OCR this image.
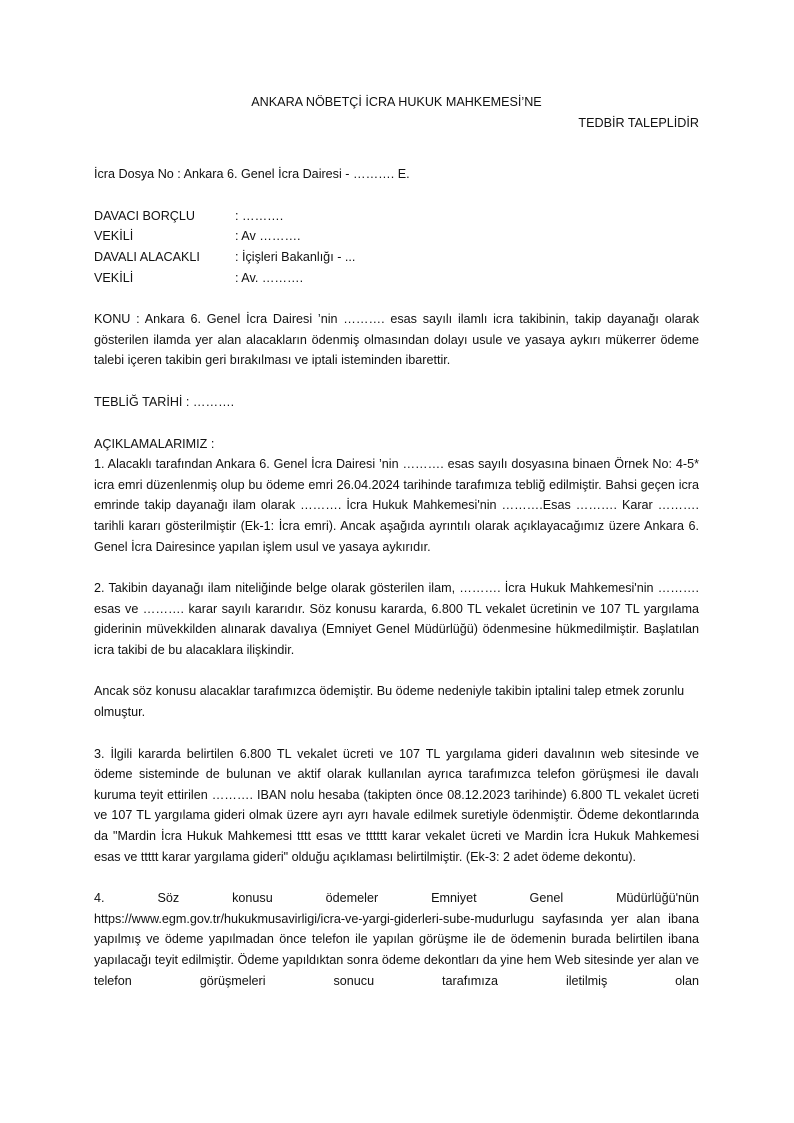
ANKARA NÖBETÇİ İCRA HUKUK MAHKEMESİ’NE

TEDBİR TALEPLİDİR

İcra Dosya No : Ankara 6. Genel İcra Dairesi - ………. E.

DAVACI BORÇLU	: ……….
VEKİLİ	: Av ……….
DAVALI ALACAKLI	: İçişleri Bakanlığı - ...
VEKİLİ	: Av. ……….

KONU : Ankara 6. Genel İcra Dairesi ’nin ………. esas sayılı ilamlı icra takibinin, takip dayanağı olarak gösterilen ilamda yer alan alacakların ödenmiş olmasından dolayı usule ve yasaya aykırı mükerrer ödeme talebi içeren takibin geri bırakılması ve iptali isteminden ibarettir.

TEBLİĞ TARİHİ : ……….

AÇIKLAMALARIMIZ :

1. Alacaklı tarafından Ankara 6. Genel İcra Dairesi ’nin ………. esas sayılı dosyasına binaen Örnek No: 4-5* icra emri düzenlenmiş olup bu ödeme emri 26.04.2024 tarihinde tarafımıza tebliğ edilmiştir. Bahsi geçen icra emrinde takip dayanağı ilam olarak ………. İcra Hukuk Mahkemesi'nin ……….Esas ………. Karar ………. tarihli kararı gösterilmiştir (Ek-1: İcra emri). Ancak aşağıda ayrıntılı olarak açıklayacağımız üzere Ankara 6. Genel İcra Dairesince yapılan işlem usul ve yasaya aykırıdır.

2. Takibin dayanağı ilam niteliğinde belge olarak gösterilen ilam, ………. İcra Hukuk Mahkemesi'nin ………. esas ve ………. karar sayılı kararıdır. Söz konusu kararda, 6.800 TL vekalet ücretinin ve 107 TL yargılama giderinin müvekkilden alınarak davalıya (Emniyet Genel Müdürlüğü) ödenmesine hükmedilmiştir. Başlatılan icra takibi de bu alacaklara ilişkindir.

Ancak söz konusu alacaklar tarafımızca ödemiştir. Bu ödeme nedeniyle takibin iptalini talep etmek zorunlu olmuştur.

3. İlgili kararda belirtilen 6.800 TL vekalet ücreti ve 107 TL yargılama gideri davalının web sitesinde ve ödeme sisteminde de bulunan ve aktif olarak kullanılan ayrıca tarafımızca telefon görüşmesi ile davalı kuruma teyit ettirilen ………. IBAN nolu hesaba (takipten önce 08.12.2023 tarihinde) 6.800 TL vekalet ücreti ve 107 TL yargılama gideri olmak üzere ayrı ayrı havale edilmek suretiyle ödenmiştir. Ödeme dekontlarında da "Mardin İcra Hukuk Mahkemesi tttt esas ve tttttt karar vekalet ücreti ve Mardin İcra Hukuk Mahkemesi esas ve ttttt karar yargılama gideri" olduğu açıklaması belirtilmiştir. (Ek-3: 2 adet ödeme dekontu).

4. Söz konusu ödemeler Emniyet Genel Müdürlüğü'nün

https://www.egm.gov.tr/hukukmusavirligi/icra-ve-yargi-giderleri-sube-mudurlugu sayfasında yer alan ibana yapılmış ve ödeme yapılmadan önce telefon ile yapılan görüşme ile de ödemenin burada belirtilen ibana yapılacağı teyit edilmiştir. Ödeme yapıldıktan sonra ödeme dekontları da yine hem Web sitesinde yer alan ve telefon görüşmeleri sonucu tarafımıza iletilmiş olan
